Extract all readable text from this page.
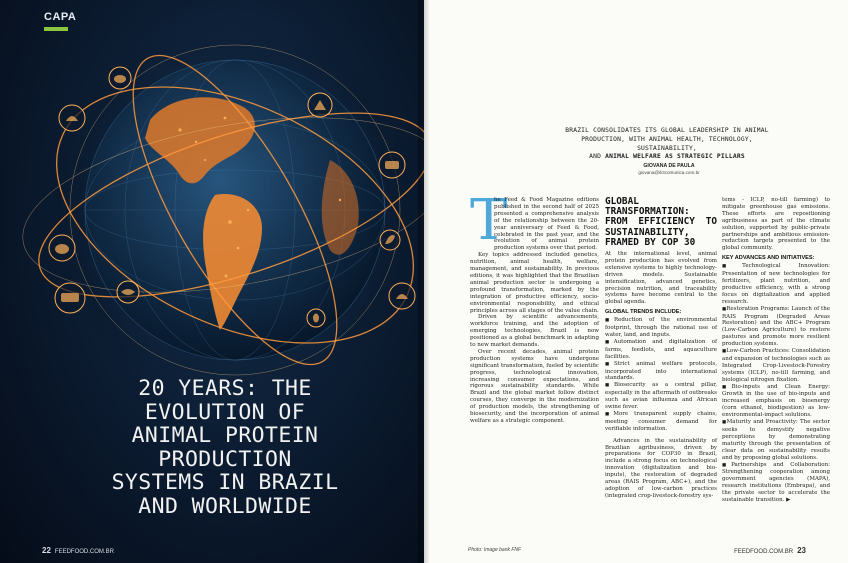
CAPA
20 YEARS: THE
EVOLUTION OF
ANIMAL PROTEIN
PRODUCTION
SYSTEMS IN BRAZIL
AND WORLDWIDE
22 FEEDFOOD.COM.BR
BRAZIL CONSOLIDATES ITS GLOBAL LEADERSHIP IN ANIMAL
PRODUCTION, WITH ANIMAL HEALTH, TECHNOLOGY, SUSTAINABILITY,
AND ANIMAL WELFARE AS STRATEGIC PILLARS
GIOVANA DE PAULA
giovana@ilctcomunica.com.br
T

he Feed & Food Magazine editions published in the second half of 2025 presented a comprehensive analysis of the relationship between the 20-year anniversary of Feed & Food, celebrated in the past year, and the evolution of animal protein production systems over that period.

Key topics addressed included genetics, nutrition, animal health, welfare, management, and sustainability. In previous editions, it was highlighted that the Brazilian animal production sector is undergoing a profound transformation, marked by the integration of productive efficiency, socio-environmental responsibility, and ethical principles across all stages of the value chain.

Driven by scientific advancements, workforce training, and the adoption of emerging technologies, Brazil is now positioned as a global benchmark in adapting to new market demands.

Over recent decades, animal protein production systems have undergone significant transformation, fueled by scientific progress, technological innovation, increasing consumer expectations, and rigorous sustainability standards. While Brazil and the global market follow distinct courses, they converge in the modernization of production models, the strengthening of biosecurity, and the incorporation of animal welfare as a strategic component.

GLOBAL TRANSFORMATION: FROM EFFICIENCY TO SUSTAINABILITY, FRAMED BY COP 30

At the international level, animal protein production has evolved from extensive systems to highly technology-driven models. Sustainable intensification, advanced genetics, precision nutrition, and traceability systems have become central to the global agenda.

GLOBAL TRENDS INCLUDE:
■ Reduction of the environmental footprint, through the rational use of water, land, and inputs.
■ Automation and digitalization of farms, feedlots, and aquaculture facilities.
■ Strict animal welfare protocols, incorporated into international standards.
■ Biosecurity as a central pillar, especially in the aftermath of outbreaks such as avian influenza and African swine fever.
■ More transparent supply chains, meeting consumer demand for verifiable information.

Advances in the sustainability of Brazilian agribusiness, driven by preparations for COP30 in Brazil, include a strong focus on technological innovation (digitalization and bio-inputs), the restoration of degraded areas (RAIS Program, ABC+), and the adoption of low-carbon practices (integrated crop-livestock-forestry sys-

tems - ICLP, no-till farming) to mitigate greenhouse gas emissions. These efforts are repositioning agribusiness as part of the climate solution, supported by public-private partnerships and ambitious emission-reduction targets presented to the global community.

KEY ADVANCES AND INITIATIVES:
■ Technological Innovation: Presentation of new technologies for fertilizers, plant nutrition, and productive efficiency, with a strong focus on digitalization and applied research.
■ Restoration Programs: Launch of the RAIS Program (Degraded Areas Restoration) and the ABC+ Program (Low-Carbon Agriculture) to restore pastures and promote more resilient production systems.
■ Low-Carbon Practices: Consolidation and expansion of technologies such as Integrated Crop-Livestock-Forestry systems (ICLP), no-till farming, and biological nitrogen fixation.
■ Bio-inputs and Clean Energy: Growth in the use of bio-inputs and increased emphasis on bioenergy (corn ethanol, biodigestion) as low-environmental-impact solutions.
■ Maturity and Proactivity: The sector seeks to demystify negative perceptions by demonstrating maturity through the presentation of clear data on sustainability results and by proposing global solutions.
■ Partnerships and Collaboration: Strengthening cooperation among government agencies (MAPA), research institutions (Embrapa), and the private sector to accelerate the sustainable transition. ▶
Photo: Image bank FNF	FEEDFOOD.COM.BR 23
